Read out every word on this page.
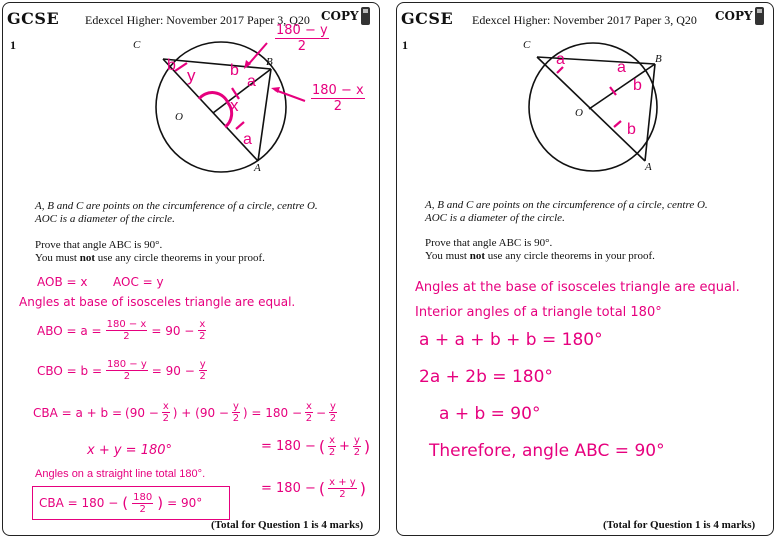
GCSE Edexcel Higher: November 2017 Paper 3, Q20 COPY
1	C
B
O
A
b
y b
a
x
a
$\frac{180 - y}{2}$
$\frac{180 - x}{2}$
A, B and C are points on the circumference of a circle, centre O.
AOC is a diameter of the circle.
Prove that angle ABC is 90°.
You must not use any circle theorems in your proof.
AOB = x AOC = y
Angles at base of isosceles triangle are equal.
ABO = $a = \frac{180 - x}{2} = 90 - \frac{x}{2}$
CBO = $b = \frac{180 - y}{2} = 90 - \frac{y}{2}$
CBA = $a + b = (90 - \frac{x}{2}$ ) + ($90 - \frac{y}{2}$ ) = $180 - \frac{x}{2} - \frac{y}{2}$
x + y = 180°	= 180 − ( $\frac{x}{2} + \frac{y}{2}$ )
Angles on a straight line total 180°.
= 180 − ( $\frac{x + y}{2}$ )
CBA = 180 − ( $\frac{180}{2}$ ) = 90°
(Total for Question 1 is 4 marks)
GCSE Edexcel Higher: November 2017 Paper 3, Q20 COPY
1	C
B
O
A
a	a
b
b
A, B and C are points on the circumference of a circle, centre O.
AOC is a diameter of the circle.
Prove that angle ABC is 90°.
You must not use any circle theorems in your proof.
Angles at the base of isosceles triangle are equal.
Interior angles of a triangle total 180°
a + a + b + b = 180°
2a + 2b = 180°
a + b = 90°
Therefore, angle ABC = 90°
(Total for Question 1 is 4 marks)
